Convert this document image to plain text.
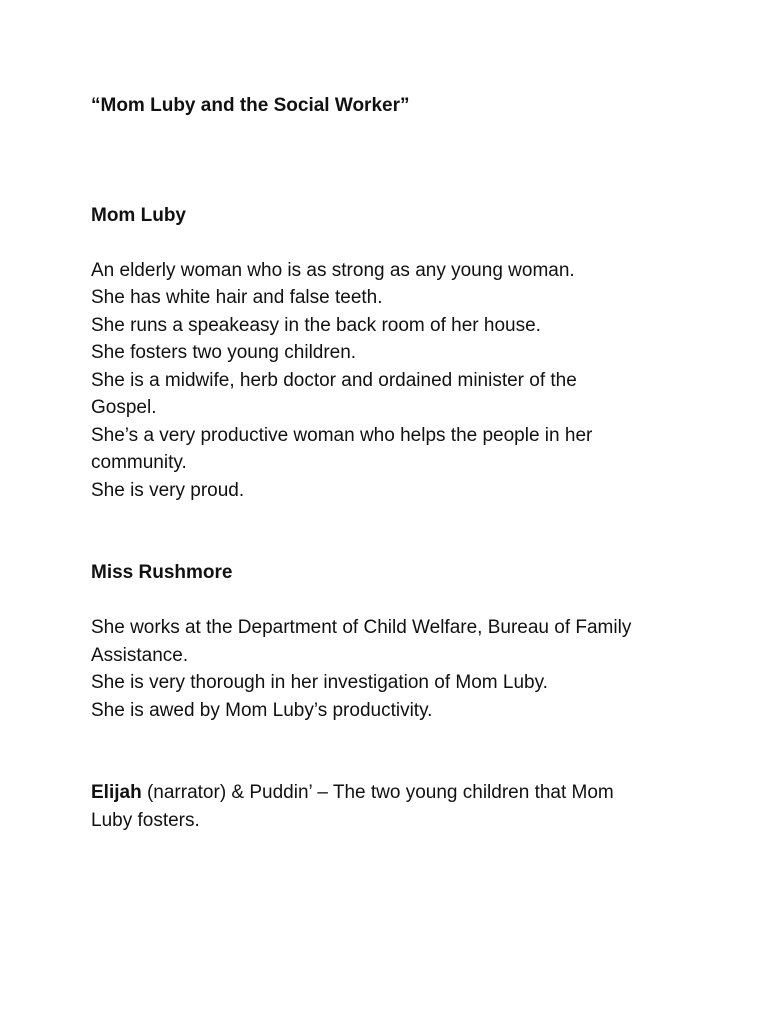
“Mom Luby and the Social Worker”

Mom Luby

An elderly woman who is as strong as any young woman.

She has white hair and false teeth.

She runs a speakeasy in the back room of her house.

She fosters two young children.

She is a midwife, herb doctor and ordained minister of the

Gospel.

She’s a very productive woman who helps the people in her

community.

She is very proud.

Miss Rushmore

She works at the Department of Child Welfare, Bureau of Family

Assistance.

She is very thorough in her investigation of Mom Luby.

She is awed by Mom Luby’s productivity.

Elijah (narrator) & Puddin’ – The two young children that Mom

Luby fosters.
